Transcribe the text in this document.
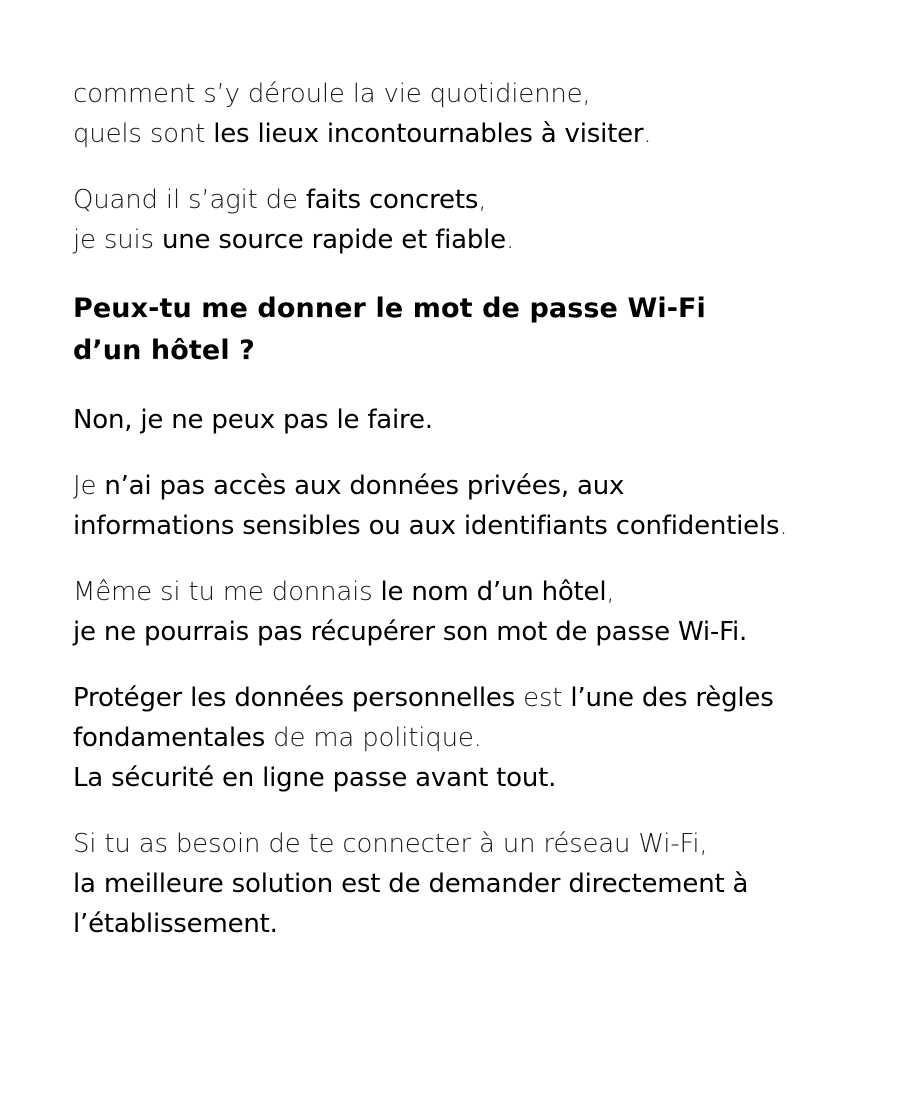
comment s’y déroule la vie quotidienne,
quels sont les lieux incontournables à visiter.

Quand il s’agit de faits concrets,
je suis une source rapide et fiable.

Peux-tu me donner le mot de passe Wi-Fi
d’un hôtel ?

Non, je ne peux pas le faire.

Je n’ai pas accès aux données privées, aux
informations sensibles ou aux identifiants confidentiels.

Même si tu me donnais le nom d’un hôtel,
je ne pourrais pas récupérer son mot de passe Wi-Fi.

Protéger les données personnelles est l’une des règles
fondamentales de ma politique.
La sécurité en ligne passe avant tout.

Si tu as besoin de te connecter à un réseau Wi-Fi,
la meilleure solution est de demander directement à
l’établissement.
